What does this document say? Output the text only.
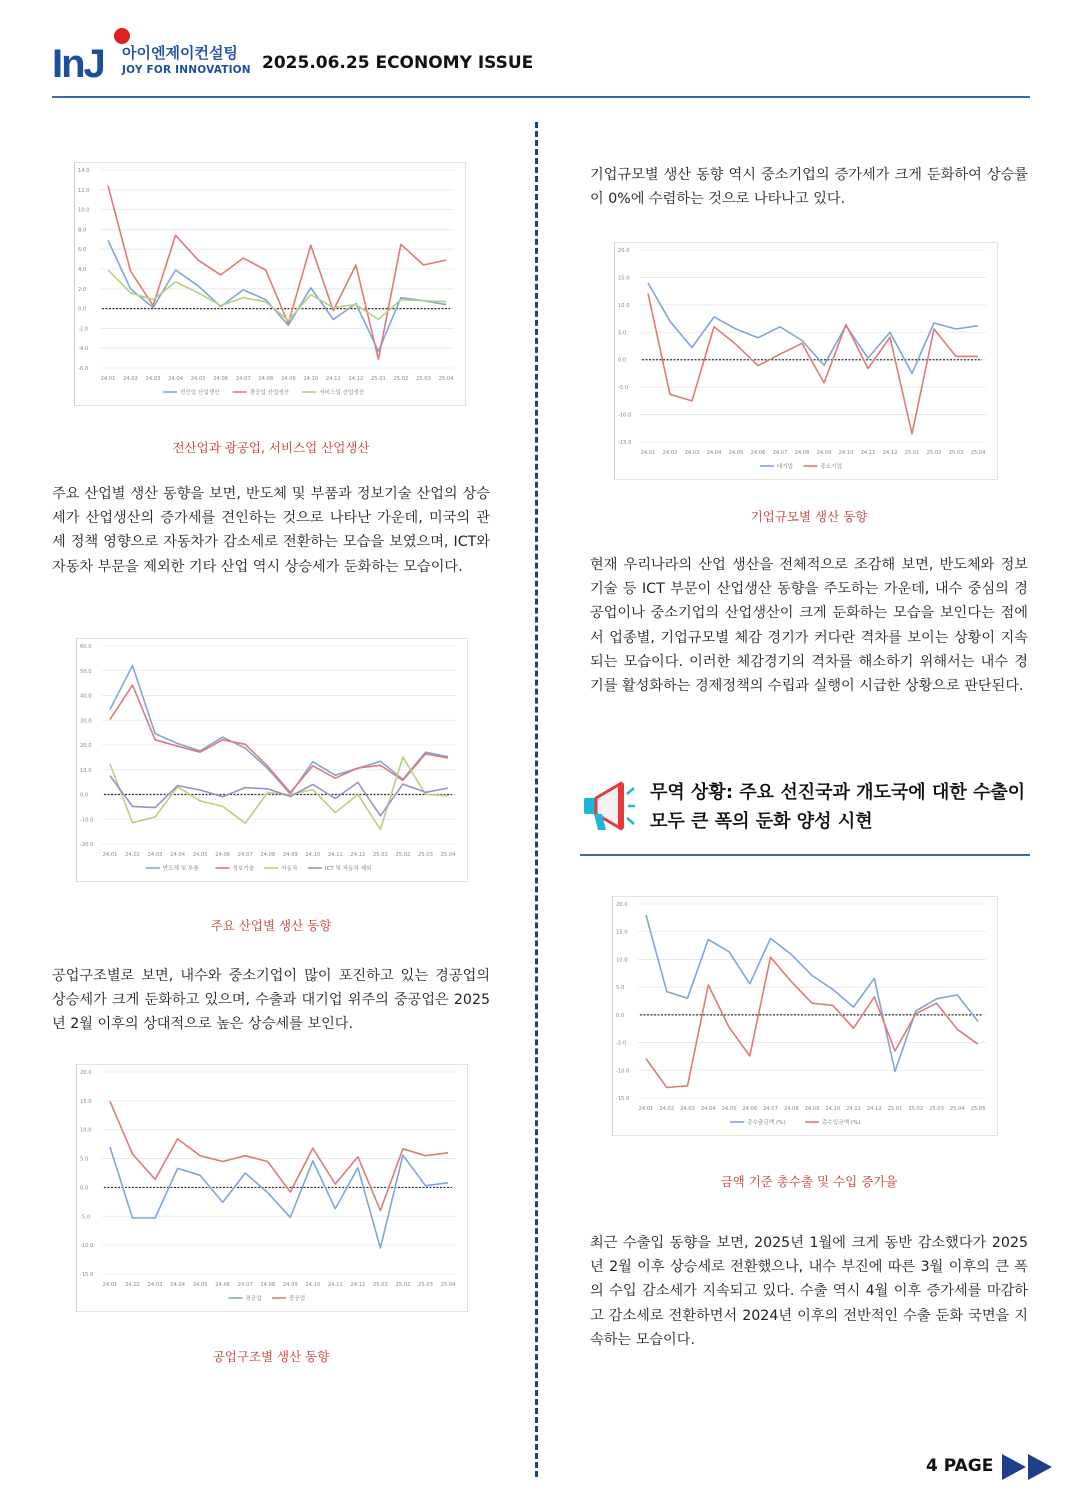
InJ 아이엔제이컨설팅
JOY FOR INNOVATION 2025.06.25 ECONOMY ISSUE
14.0
12.0
10.0
8.0
6.0
4.0
2.0
0.0
-2.0
-4.0
-6.0
24.01 24.02 24.03 24.04 24.05 24.06 24.07 24.08 24.09 24.10 24.11 24.12 25.01 25.02 25.03 25.04
전산업 산업생산	광공업 산업생산	서비스업 산업생산
전산업과 광공업, 서비스업 산업생산
주요 산업별 생산 동향을 보면, 반도체 및 부품과 정보기술 산업의 상승세가 산업생산의 증가세를 견인하는 것으로 나타난 가운데, 미국의 관세 정책 영향으로 자동차가 감소세로 전환하는 모습을 보였으며, ICT와 자동차 부문을 제외한 기타 산업 역시 상승세가 둔화하는 모습이다.
60.0
50.0
40.0
30.0
20.0
10.0
0.0
-10.0
-20.0
24.01 24.02 24.03 24.04 24.05 24.06 24.07 24.08 24.09 24.10 24.11 24.12 25.01 25.02 25.03 25.04
반도체 및 부품	정보기술	자동차	ICT 및 자동차 제외
주요 산업별 생산 동향
공업구조별로 보면, 내수와 중소기업이 많이 포진하고 있는 경공업의 상승세가 크게 둔화하고 있으며, 수출과 대기업 위주의 중공업은 2025년 2월 이후의 상대적으로 높은 상승세를 보인다.
20.0
15.0
10.0
5.0
0.0
-5.0
-10.0
-15.0
24.01 24.02 24.03 24.04 24.05 24.06 24.07 24.08 24.09 24.10 24.11 24.12 25.01 25.02 25.03 25.04
경공업	중공업
공업구조별 생산 동향
기업규모별 생산 동향 역시 중소기업의 증가세가 크게 둔화하여 상승률이 0%에 수렴하는 것으로 나타나고 있다.
20.0
15.0
10.0
5.0
0.0
-5.0
-10.0
-15.0
24.01 24.02 24.03 24.04 24.05 24.06 24.07 24.08 24.09 24.10 24.11 24.12 25.01 25.02 25.03 25.04
대기업	중소기업
기업규모별 생산 동향
현재 우리나라의 산업 생산을 전체적으로 조감해 보면, 반도체와 정보기술 등 ICT 부문이 산업생산 동향을 주도하는 가운데, 내수 중심의 경공업이나 중소기업의 산업생산이 크게 둔화하는 모습을 보인다는 점에서 업종별, 기업규모별 체감 경기가 커다란 격차를 보이는 상황이 지속되는 모습이다. 이러한 체감경기의 격차를 해소하기 위해서는 내수 경기를 활성화하는 경제정책의 수립과 실행이 시급한 상황으로 판단된다.
무역 상황: 주요 선진국과 개도국에 대한 수출이 모두 큰 폭의 둔화 양성 시현
20.0
15.0
10.0
5.0
0.0
-5.0
-10.0
-15.0
24.01 24.02 24.03 24.04 24.05 24.06 24.07 24.08 24.09 24.10 24.11 24.12 25.01 25.02 25.03 25.04 25.05
총수출금액 (%)	총수입금액 (%)
금액 기준 총수출 및 수입 증가율
최근 수출입 동향을 보면, 2025년 1월에 크게 동반 감소했다가 2025년 2월 이후 상승세로 전환했으나, 내수 부진에 따른 3월 이후의 큰 폭의 수입 감소세가 지속되고 있다. 수출 역시 4월 이후 증가세를 마감하고 감소세로 전환하면서 2024년 이후의 전반적인 수출 둔화 국면을 지속하는 모습이다.
4 PAGE
